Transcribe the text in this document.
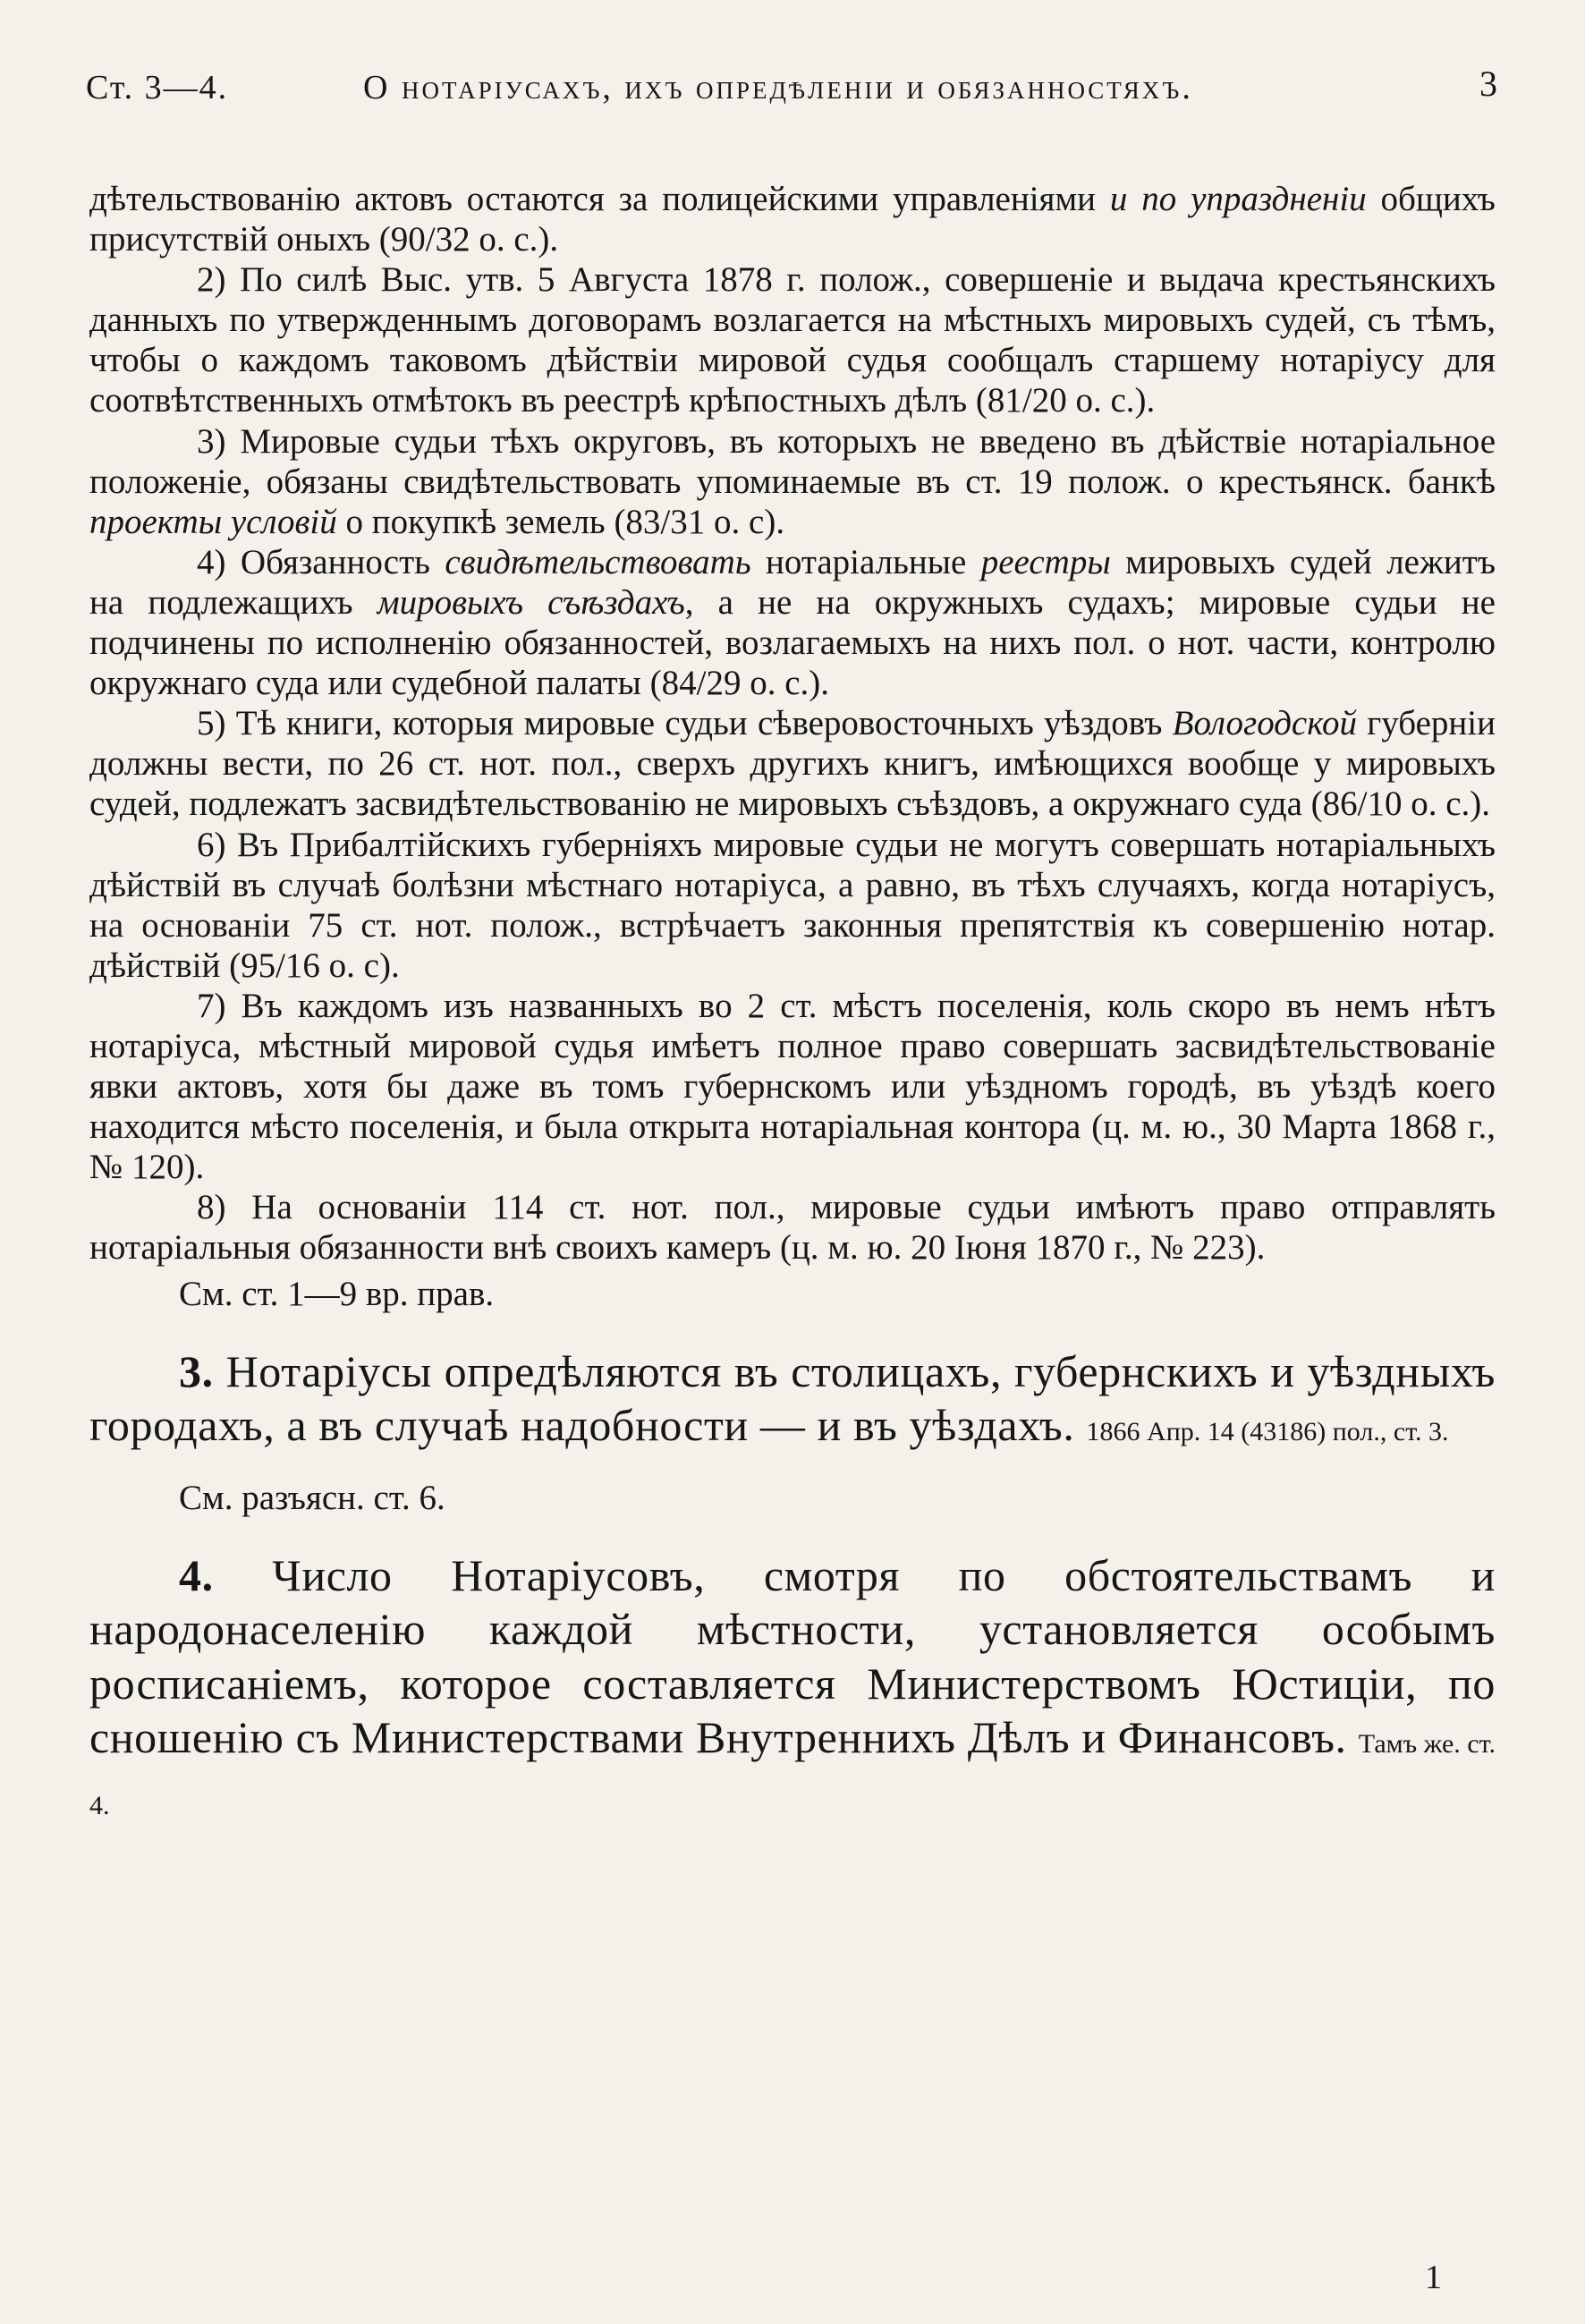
Ст. 3—4.	О нотаріусахъ, ихъ опредѣленіи и обязанностяхъ.	3

дѣтельствованію актовъ остаются за полицейскими управленіями и по упраздненіи общихъ присутствій оныхъ (90/32 о. с.).

2) По силѣ Выс. утв. 5 Августа 1878 г. полож., совершеніе и выдача крестьянскихъ данныхъ по утвержденнымъ договорамъ возлагается на мѣстныхъ мировыхъ судей, съ тѣмъ, чтобы о каждомъ таковомъ дѣйствіи мировой судья сообщалъ старшему нотаріусу для соотвѣтственныхъ отмѣтокъ въ реестрѣ крѣпостныхъ дѣлъ (81/20 о. с.).

3) Мировые судьи тѣхъ округовъ, въ которыхъ не введено въ дѣйствіе нотаріальное положеніе, обязаны свидѣтельствовать упоминаемые въ ст. 19 полож. о крестьянск. банкѣ проекты условій о покупкѣ земель (83/31 о. с).

4) Обязанность свидѣтельствовать нотаріальные реестры мировыхъ судей лежитъ на подлежащихъ мировыхъ съѣздахъ, а не на окружныхъ судахъ; мировые судьи не подчинены по исполненію обязанностей, возлагаемыхъ на нихъ пол. о нот. части, контролю окружнаго суда или судебной палаты (84/29 о. с.).

5) Тѣ книги, которыя мировые судьи сѣверовосточныхъ уѣздовъ Вологодской губерніи должны вести, по 26 ст. нот. пол., сверхъ другихъ книгъ, имѣющихся вообще у мировыхъ судей, подлежатъ засвидѣтельствованію не мировыхъ съѣздовъ, а окружнаго суда (86/10 о. с.).

6) Въ Прибалтійскихъ губерніяхъ мировые судьи не могутъ совершать нотаріальныхъ дѣйствій въ случаѣ болѣзни мѣстнаго нотаріуса, а равно, въ тѣхъ случаяхъ, когда нотаріусъ, на основаніи 75 ст. нот. полож., встрѣчаетъ законныя препятствія къ совершенію нотар. дѣйствій (95/16 о. с).

7) Въ каждомъ изъ названныхъ во 2 ст. мѣстъ поселенія, коль скоро въ немъ нѣтъ нотаріуса, мѣстный мировой судья имѣетъ полное право совершать засвидѣтельствованіе явки актовъ, хотя бы даже въ томъ губернскомъ или уѣздномъ городѣ, въ уѣздѣ коего находится мѣсто поселенія, и была открыта нотаріальная контора (ц. м. ю., 30 Марта 1868 г., № 120).

8) На основаніи 114 ст. нот. пол., мировые судьи имѣютъ право отправлять нотаріальныя обязанности внѣ своихъ камеръ (ц. м. ю. 20 Іюня 1870 г., № 223).

См. ст. 1—9 вр. прав.

3. Нотаріусы опредѣляются въ столицахъ, губернскихъ и уѣздныхъ городахъ, а въ случаѣ надобности — и въ уѣздахъ. 1866 Апр. 14 (43186) пол., ст. 3.

См. разъясн. ст. 6.

4. Число Нотаріусовъ, смотря по обстоятельствамъ и народонаселенію каждой мѣстности, установляется особымъ росписаніемъ, которое составляется Министерствомъ Юстиціи, по сношенію съ Министерствами Внутреннихъ Дѣлъ и Финансовъ. Тамъ же. ст. 4.

1
